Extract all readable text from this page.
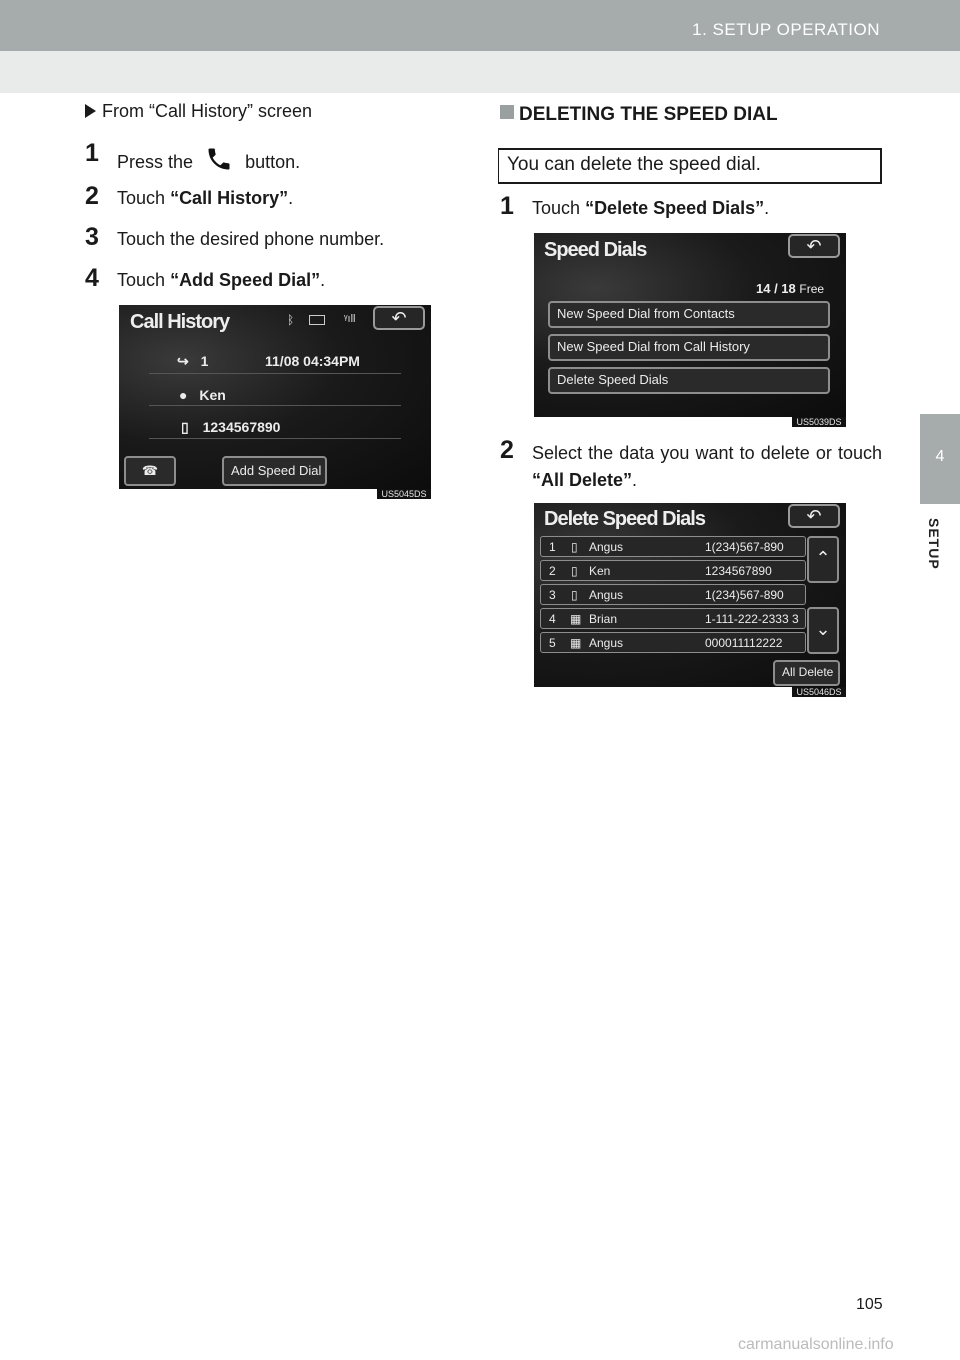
1. SETUP OPERATION
4
SETUP
From “Call History” screen
1 Press the	button.
2 Touch “Call History”.
3 Touch the desired phone number.
4 Touch “Add Speed Dial”.
Call History	ᛒ	ᵞıll	↶
↪ 1	11/08 04:34PM
● Ken
▯ 1234567890
☎	Add Speed Dial
US5045DS
DELETING THE SPEED DIAL
You can delete the speed dial.
1 Touch “Delete Speed Dials”.
Speed Dials	↶
14 / 18 Free
New Speed Dial from Contacts
New Speed Dial from Call History
Delete Speed Dials
US5039DS
2 Select the data you want to delete or touch “All Delete”.
Delete Speed Dials	↶
1 ▯ Angus	1(234)567-890
2 ▯ Ken	1234567890
3 ▯ Angus	1(234)567-890
4 ▦ Brian	1-111-222-2333 3
5 ▦ Angus	000011112222
⌃
⌄
All Delete
US5046DS
105
carmanualsonline.info
